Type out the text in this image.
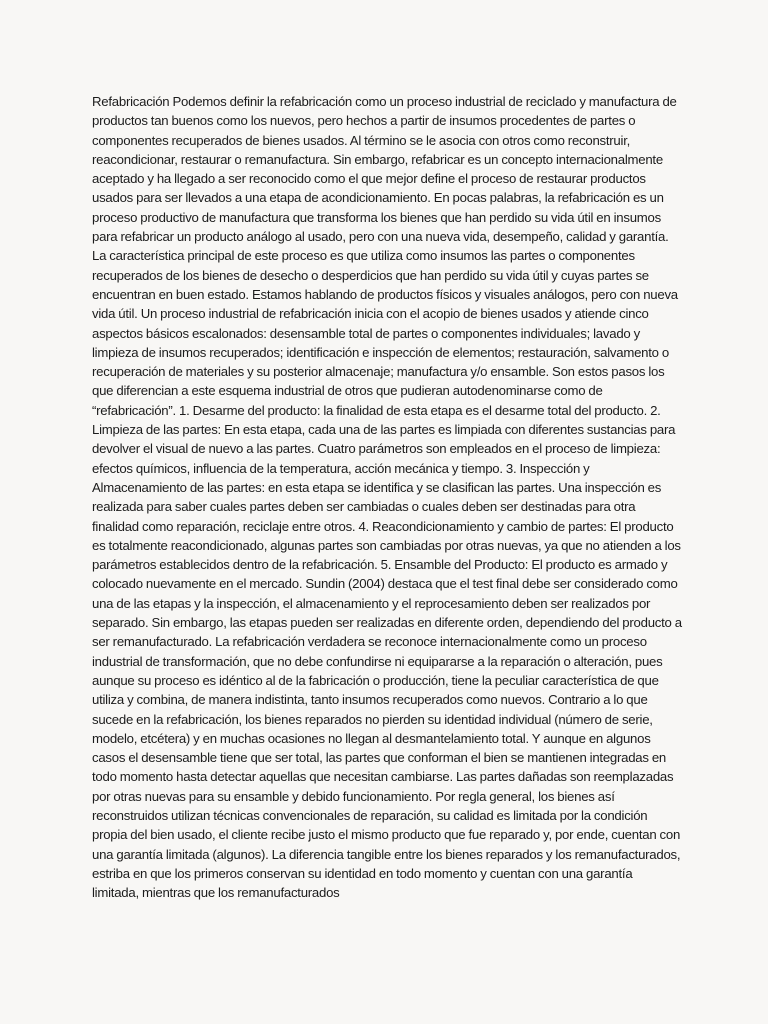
Refabricación Podemos definir la refabricación como un proceso industrial de reciclado y manufactura de productos tan buenos como los nuevos, pero hechos a partir de insumos procedentes de partes o componentes recuperados de bienes usados. Al término se le asocia con otros como reconstruir, reacondicionar, restaurar o remanufactura. Sin embargo, refabricar es un concepto internacionalmente aceptado y ha llegado a ser reconocido como el que mejor define el proceso de restaurar productos usados para ser llevados a una etapa de acondicionamiento. En pocas palabras, la refabricación es un proceso productivo de manufactura que transforma los bienes que han perdido su vida útil en insumos para refabricar un producto análogo al usado, pero con una nueva vida, desempeño, calidad y garantía. La característica principal de este proceso es que utiliza como insumos las partes o componentes recuperados de los bienes de desecho o desperdicios que han perdido su vida útil y cuyas partes se encuentran en buen estado. Estamos hablando de productos físicos y visuales análogos, pero con nueva vida útil. Un proceso industrial de refabricación inicia con el acopio de bienes usados y atiende cinco aspectos básicos escalonados: desensamble total de partes o componentes individuales; lavado y limpieza de insumos recuperados; identificación e inspección de elementos; restauración, salvamento o recuperación de materiales y su posterior almacenaje; manufactura y/o ensamble. Son estos pasos los que diferencian a este esquema industrial de otros que pudieran autodenominarse como de “refabricación”. 1. Desarme del producto: la finalidad de esta etapa es el desarme total del producto. 2. Limpieza de las partes: En esta etapa, cada una de las partes es limpiada con diferentes sustancias para devolver el visual de nuevo a las partes. Cuatro parámetros son empleados en el proceso de limpieza: efectos químicos, influencia de la temperatura, acción mecánica y tiempo. 3. Inspección y Almacenamiento de las partes: en esta etapa se identifica y se clasifican las partes. Una inspección es realizada para saber cuales partes deben ser cambiadas o cuales deben ser destinadas para otra finalidad como reparación, reciclaje entre otros. 4. Reacondicionamiento y cambio de partes: El producto es totalmente reacondicionado, algunas partes son cambiadas por otras nuevas, ya que no atienden a los parámetros establecidos dentro de la refabricación. 5. Ensamble del Producto: El producto es armado y colocado nuevamente en el mercado. Sundin (2004) destaca que el test final debe ser considerado como una de las etapas y la inspección, el almacenamiento y el reprocesamiento deben ser realizados por separado. Sin embargo, las etapas pueden ser realizadas en diferente orden, dependiendo del producto a ser remanufacturado. La refabricación verdadera se reconoce internacionalmente como un proceso industrial de transformación, que no debe confundirse ni equipararse a la reparación o alteración, pues aunque su proceso es idéntico al de la fabricación o producción, tiene la peculiar característica de que utiliza y combina, de manera indistinta, tanto insumos recuperados como nuevos. Contrario a lo que sucede en la refabricación, los bienes reparados no pierden su identidad individual (número de serie, modelo, etcétera) y en muchas ocasiones no llegan al desmantelamiento total. Y aunque en algunos casos el desensamble tiene que ser total, las partes que conforman el bien se mantienen integradas en todo momento hasta detectar aquellas que necesitan cambiarse. Las partes dañadas son reemplazadas por otras nuevas para su ensamble y debido funcionamiento. Por regla general, los bienes así reconstruidos utilizan técnicas convencionales de reparación, su calidad es limitada por la condición propia del bien usado, el cliente recibe justo el mismo producto que fue reparado y, por ende, cuentan con una garantía limitada (algunos). La diferencia tangible entre los bienes reparados y los remanufacturados, estriba en que los primeros conservan su identidad en todo momento y cuentan con una garantía limitada, mientras que los remanufacturados
